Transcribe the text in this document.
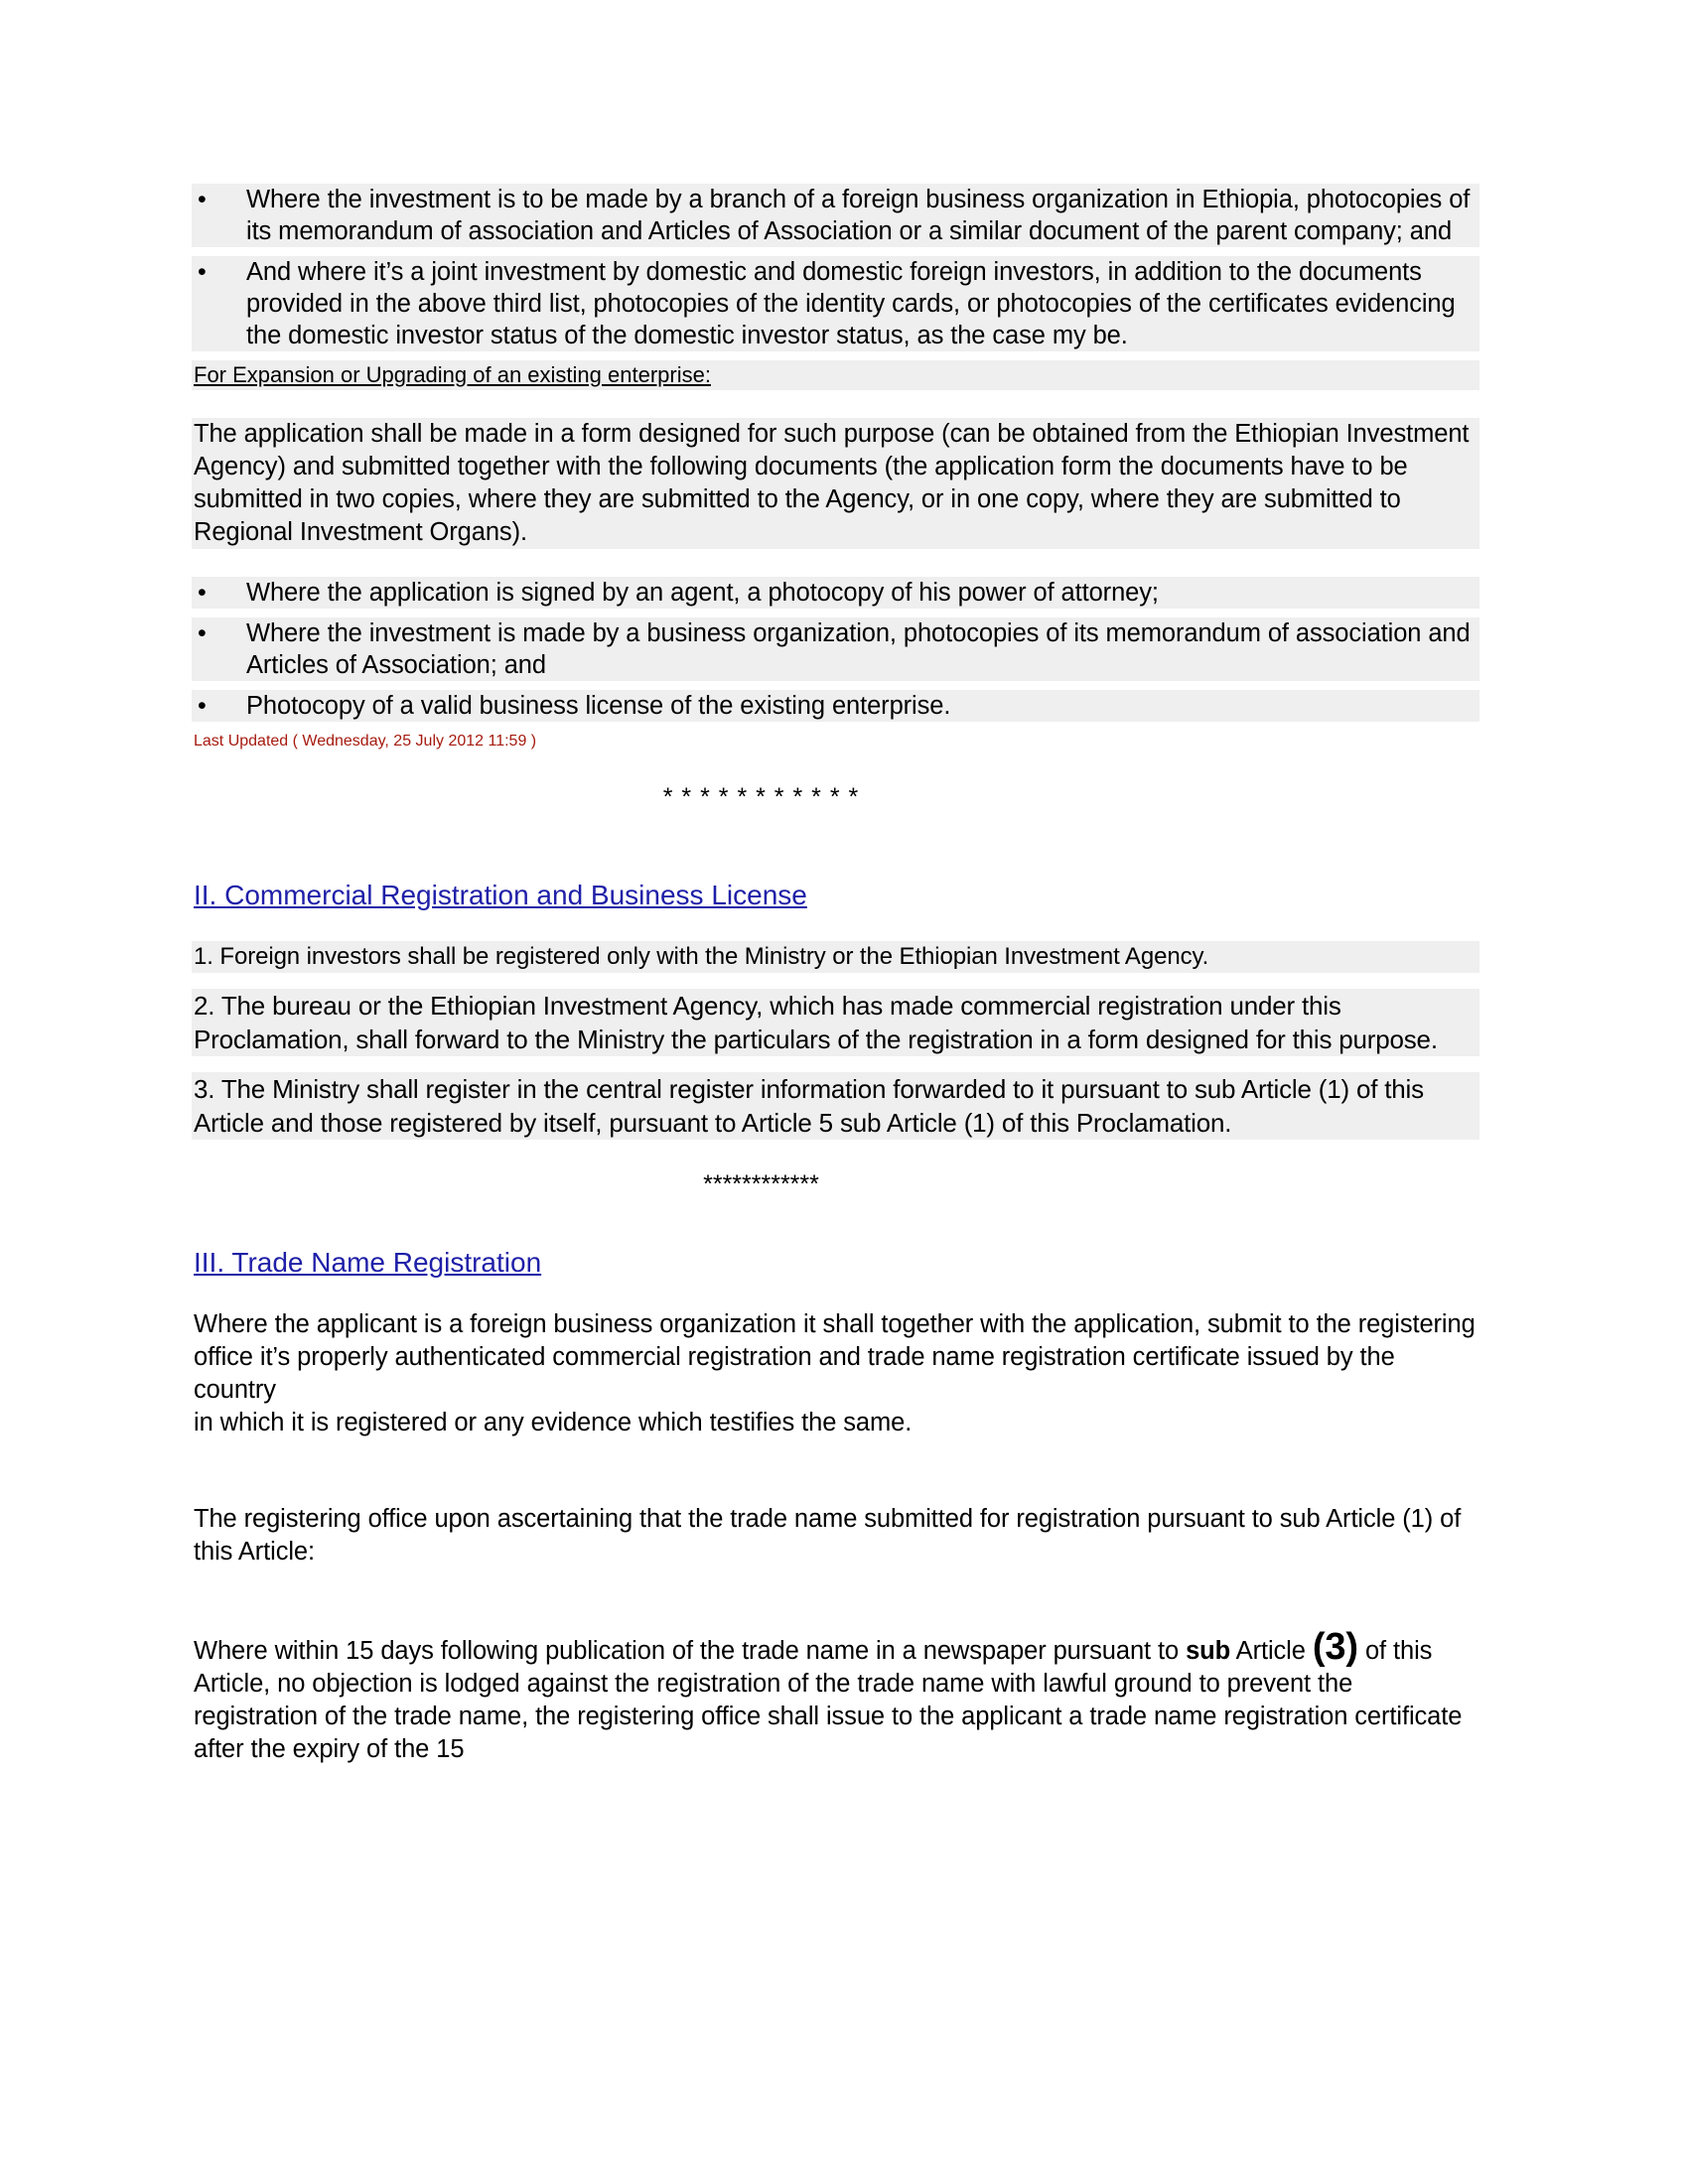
• Where the investment is to be made by a branch of a foreign business organization in Ethiopia, photocopies of its memorandum of association and Articles of Association or a similar document of the parent company; and
• And where it’s a joint investment by domestic and domestic foreign investors, in addition to the documents provided in the above third list, photocopies of the identity cards, or photocopies of the certificates evidencing the domestic investor status of the domestic investor status, as the case my be.
For Expansion or Upgrading of an existing enterprise:

The application shall be made in a form designed for such purpose (can be obtained from the Ethiopian Investment Agency) and submitted together with the following documents (the application form the documents have to be submitted in two copies, where they are submitted to the Agency, or in one copy, where they are submitted to Regional Investment Organs).

• Where the application is signed by an agent, a photocopy of his power of attorney;
• Where the investment is made by a business organization, photocopies of its memorandum of association and Articles of Association; and
• Photocopy of a valid business license of the existing enterprise.
Last Updated ( Wednesday, 25 July 2012 11:59 )
* * * * * * * * * * *
II. Commercial Registration and Business License
1. Foreign investors shall be registered only with the Ministry or the Ethiopian Investment Agency.
2. The bureau or the Ethiopian Investment Agency, which has made commercial registration under this Proclamation, shall forward to the Ministry the particulars of the registration in a form designed for this purpose.
3. The Ministry shall register in the central register information forwarded to it pursuant to sub Article (1) of this Article and those registered by itself, pursuant to Article 5 sub Article (1) of this Proclamation.
************
III. Trade Name Registration

Where the applicant is a foreign business organization it shall together with the application, submit to the registering office it’s properly authenticated commercial registration and trade name registration certificate issued by the country
in which it is registered or any evidence which testifies the same.

The registering office upon ascertaining that the trade name submitted for registration pursuant to sub Article (1) of this Article:

Where within 15 days following publication of the trade name in a newspaper pursuant to sub Article (3) of this Article, no objection is lodged against the registration of the trade name with lawful ground to prevent the registration of the trade name, the registering office shall issue to the applicant a trade name registration certificate after the expiry of the 15
